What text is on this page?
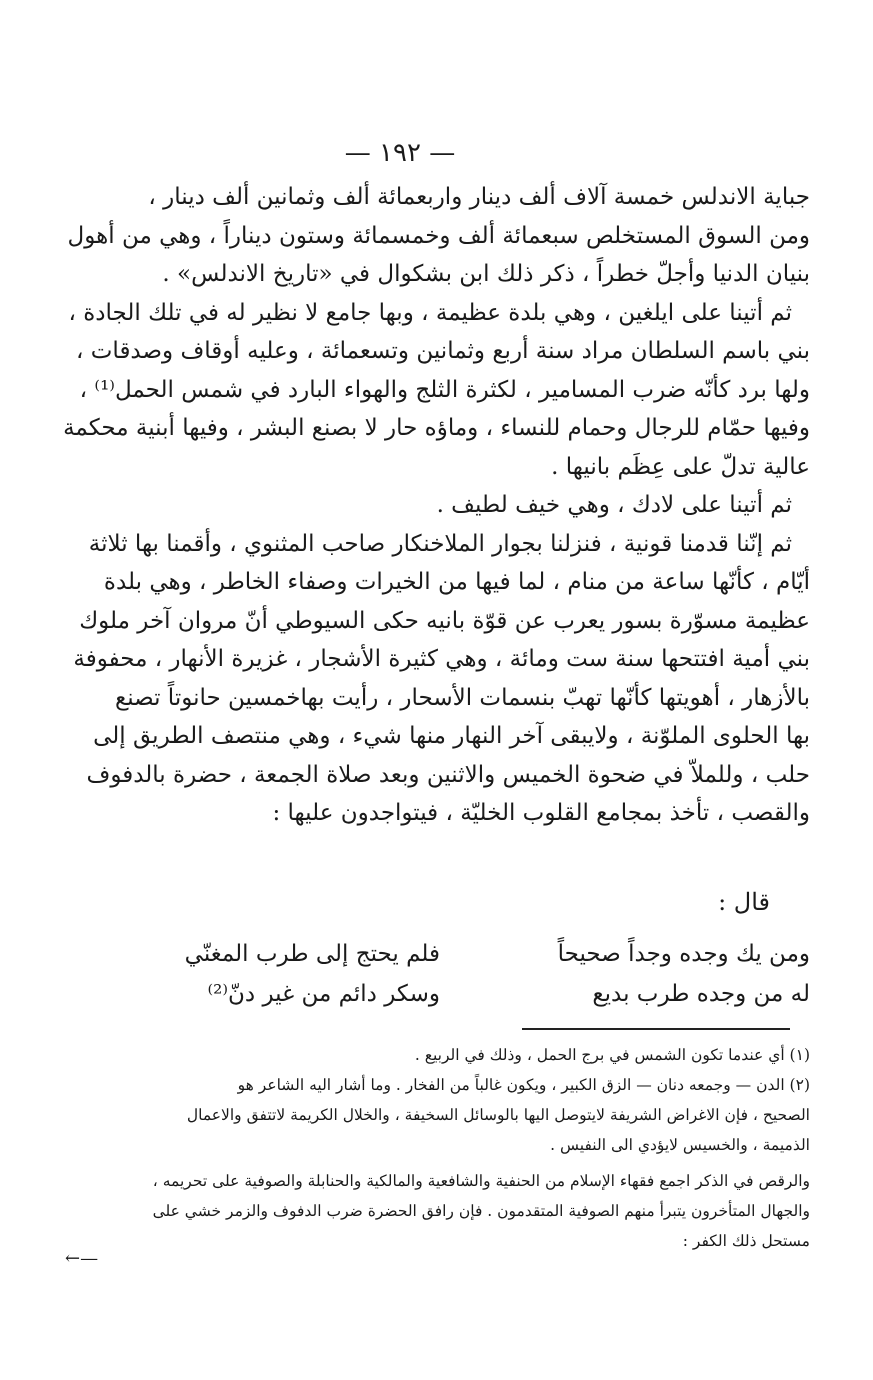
— ١٩٢ —
جباية الاندلس خمسة آلاف ألف دينار واربعمائة ألف وثمانين ألف دينار ،
ومن السوق المستخلص سبعمائة ألف وخمسمائة وستون ديناراً ، وهي من أهول
بنيان الدنيا وأجلّ خطراً ، ذكر ذلك ابن بشكوال في «تاريخ الاندلس» .
ثم أتينا على ايلغين ، وهي بلدة عظيمة ، وبها جامع لا نظير له في تلك الجادة ،
بني باسم السلطان مراد سنة أربع وثمانين وتسعمائة ، وعليه أوقاف وصدقات ،
ولها برد كأنّه ضرب المسامير ، لكثرة الثلج والهواء البارد في شمس الحمل⁽¹⁾ ،
وفيها حمّام للرجال وحمام للنساء ، وماؤه حار لا بصنع البشر ، وفيها أبنية محكمة
عالية تدلّ على عِظَم بانيها .
ثم أتينا على لادك ، وهي خيف لطيف .
ثم إنّنا قدمنا قونية ، فنزلنا بجوار الملاخنكار صاحب المثنوي ، وأقمنا بها ثلاثة
أيّام ، كأنّها ساعة من منام ، لما فيها من الخيرات وصفاء الخاطر ، وهي بلدة
عظيمة مسوّرة بسور يعرب عن قوّة بانيه حكى السيوطي أنّ مروان آخر ملوك
بني أمية افتتحها سنة ست ومائة ، وهي كثيرة الأشجار ، غزيرة الأنهار ، محفوفة
بالأزهار ، أهويتها كأنّها تهبّ بنسمات الأسحار ، رأيت بهاخمسين حانوتاً تصنع
بها الحلوى الملوّنة ، ولايبقى آخر النهار منها شيء ، وهي منتصف الطريق إلى
حلب ، وللملاّ في ضحوة الخميس والاثنين وبعد صلاة الجمعة ، حضرة بالدفوف
والقصب ، تأخذ بمجامع القلوب الخليّة ، فيتواجدون عليها :
قال :
ومن يك وجده وجداً صحيحاً
فلم يحتج إلى طرب المغنّي
له من وجده طرب بديع
وسكر دائم من غير دنّ⁽²⁾
(١) أي عندما تكون الشمس في برج الحمل ، وذلك في الربيع .
(٢) الدن — وجمعه دنان — الزق الكبير ، ويكون غالباً من الفخار . وما أشار اليه الشاعر هو
الصحيح ، فإن الاغراض الشريفة لايتوصل اليها بالوسائل السخيفة ، والخلال الكريمة لاتتفق والاعمال
الذميمة ، والخسيس لايؤدي الى النفيس .
والرقص في الذكر اجمع فقهاء الإسلام من الحنفية والشافعية والمالكية والحنابلة والصوفية على تحريمه ،
والجهال المتأخرون يتبرأ منهم الصوفية المتقدمون . فإن رافق الحضرة ضرب الدفوف والزمر خشي على
مستحل ذلك الكفر :
←—
